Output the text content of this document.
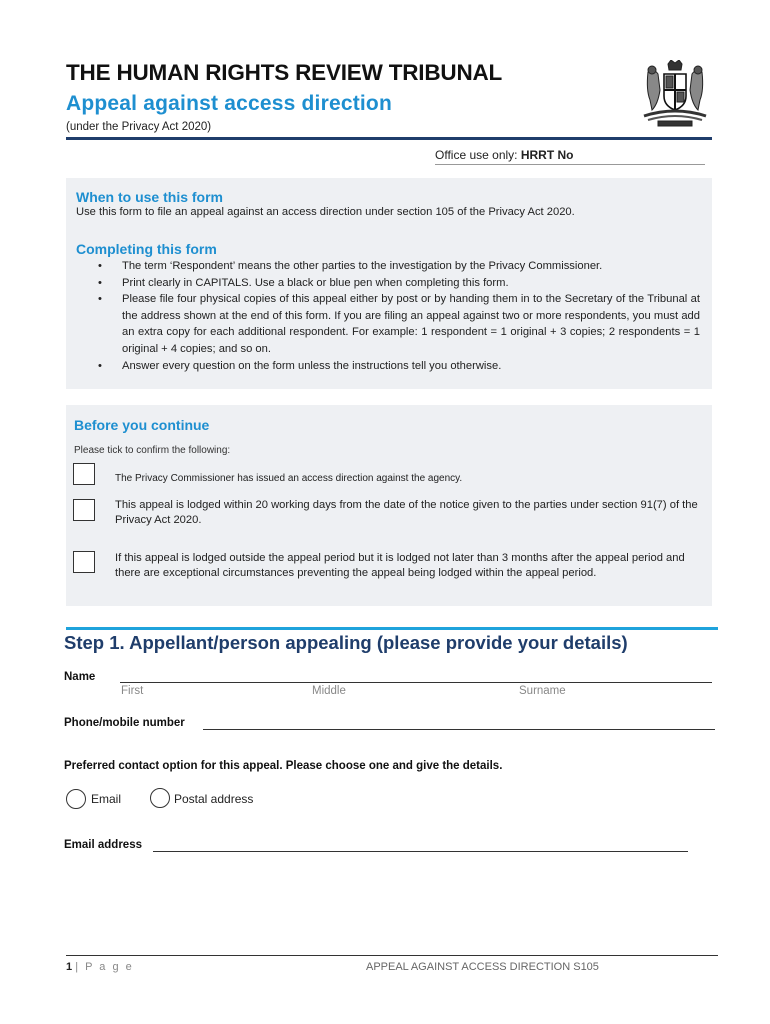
THE HUMAN RIGHTS REVIEW TRIBUNAL
Appeal against access direction
(under the Privacy Act 2020)
Office use only: HRRT No
When to use this form
Use this form to file an appeal against an access direction under section 105 of the Privacy Act 2020.
Completing this form
• The term ‘Respondent’ means the other parties to the investigation by the Privacy Commissioner.
• Print clearly in CAPITALS. Use a black or blue pen when completing this form.
• Please file four physical copies of this appeal either by post or by handing them in to the Secretary of the Tribunal at the address shown at the end of this form. If you are filing an appeal against two or more respondents, you must add an extra copy for each additional respondent. For example: 1 respondent = 1 original + 3 copies; 2 respondents = 1 original + 4 copies; and so on.
• Answer every question on the form unless the instructions tell you otherwise.
Before you continue
Please tick to confirm the following:
The Privacy Commissioner has issued an access direction against the agency.
This appeal is lodged within 20 working days from the date of the notice given to the parties under section 91(7) of the Privacy Act 2020.
If this appeal is lodged outside the appeal period but it is lodged not later than 3 months after the appeal period and there are exceptional circumstances preventing the appeal being lodged within the appeal period.
Step 1. Appellant/person appealing (please provide your details)
Name
First	Middle	Surname
Phone/mobile number
Preferred contact option for this appeal. Please choose one and give the details.
Email	Postal address
Email address
1 | P a g e	APPEAL AGAINST ACCESS DIRECTION S105
